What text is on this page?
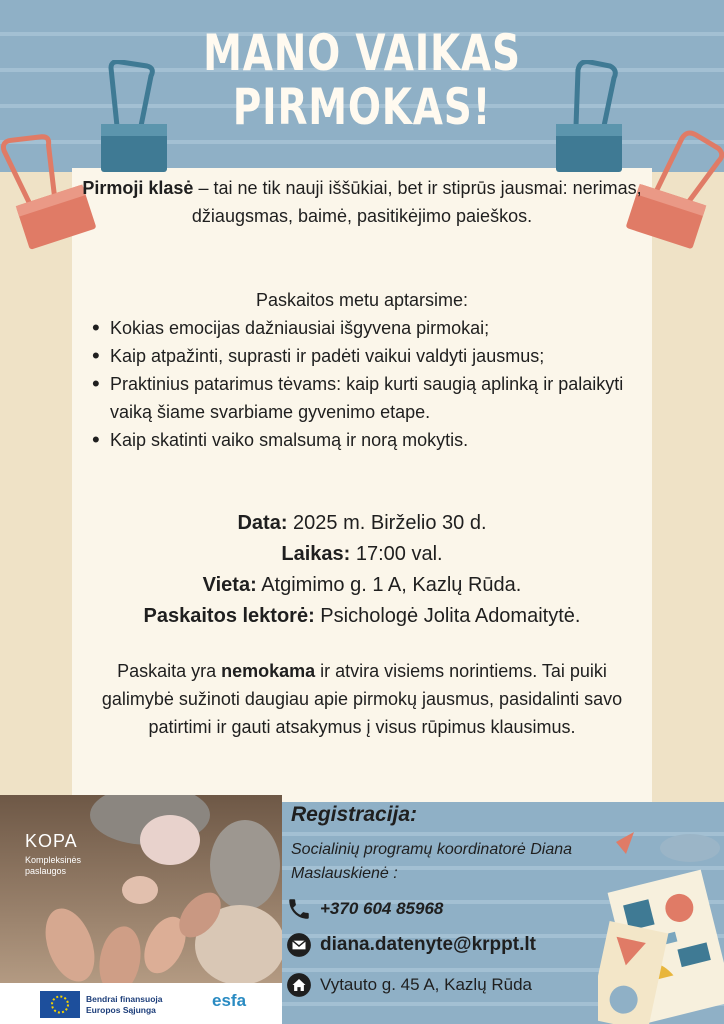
MANO VAIKAS
PIRMOKAS!
Pirmoji klasė – tai ne tik nauji iššūkiai, bet ir stiprūs jausmai: nerimas, džiaugsmas, baimė, pasitikėjimo paieškos.
Paskaitos metu aptarsime:
• Kokias emocijas dažniausiai išgyvena pirmokai;
• Kaip atpažinti, suprasti ir padėti vaikui valdyti jausmus;
• Praktinius patarimus tėvams: kaip kurti saugią aplinką ir palaikyti vaiką šiame svarbiame gyvenimo etape.
• Kaip skatinti vaiko smalsumą ir norą mokytis.
Data: 2025 m. Birželio 30 d.
Laikas: 17:00 val.
Vieta: Atgimimo g. 1 A, Kazlų Rūda.
Paskaitos lektorė: Psichologė Jolita Adomaitytė.
Paskaita yra nemokama ir atvira visiems norintiems. Tai puiki galimybė sužinoti daugiau apie pirmokų jausmus, pasidalinti savo patirtimi ir gauti atsakymus į visus rūpimus klausimus.
KOPA
Kompleksinės
paslaugos
Bendrai finansuoja
Europos Sąjunga	esfa
Registracija:
Socialinių programų koordinatorė Diana Maslauskienė :
+370 604 85968
diana.datenyte@krppt.lt
Vytauto g. 45 A, Kazlų Rūda
